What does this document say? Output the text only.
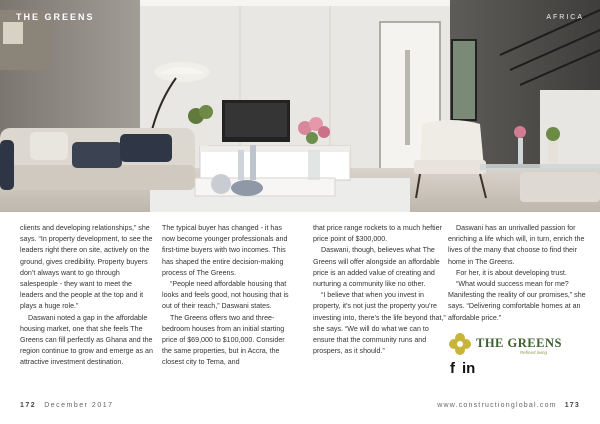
THE GREENS	AFRICA

clients and developing relationships,” she says. “In property development, to see the leaders right there on site, actively on the ground, gives credibility. Property buyers don’t always want to go through salespeople - they want to meet the leaders and the people at the top and it plays a huge role.”

Daswani noted a gap in the affordable housing market, one that she feels The Greens can fill perfectly as Ghana and the region continue to grow and emerge as an attractive investment destination.

The typical buyer has changed - it has now become younger professionals and first-time buyers with two incomes. This has shaped the entire decision-making process of The Greens.

“People need affordable housing that looks and feels good, not housing that is out of their reach,” Daswani states.

The Greens offers two and three-bedroom houses from an initial starting price of $69,000 to $100,000. Consider the same properties, but in Accra, the closest city to Tema, and

that price range rockets to a much heftier price point of $300,000.

Daswani, though, believes what The Greens will offer alongside an affordable price is an added value of creating and nurturing a community like no other.

“I believe that when you invest in property, it’s not just the property you’re investing into, there’s the life beyond that,” she says. “We will do what we can to ensure that the community runs and prospers, as it should.”

Daswani has an unrivalled passion for enriching a life which will, in turn, enrich the lives of the many that choose to find their home in The Greens.

For her, it is about developing trust.

“What would success mean for me? Manifesting the reality of our promises,” she says. “Delivering comfortable homes at an affordable price.”

THE GREENS
Refined living
f in
172 December 2017	www.constructionglobal.com 173
